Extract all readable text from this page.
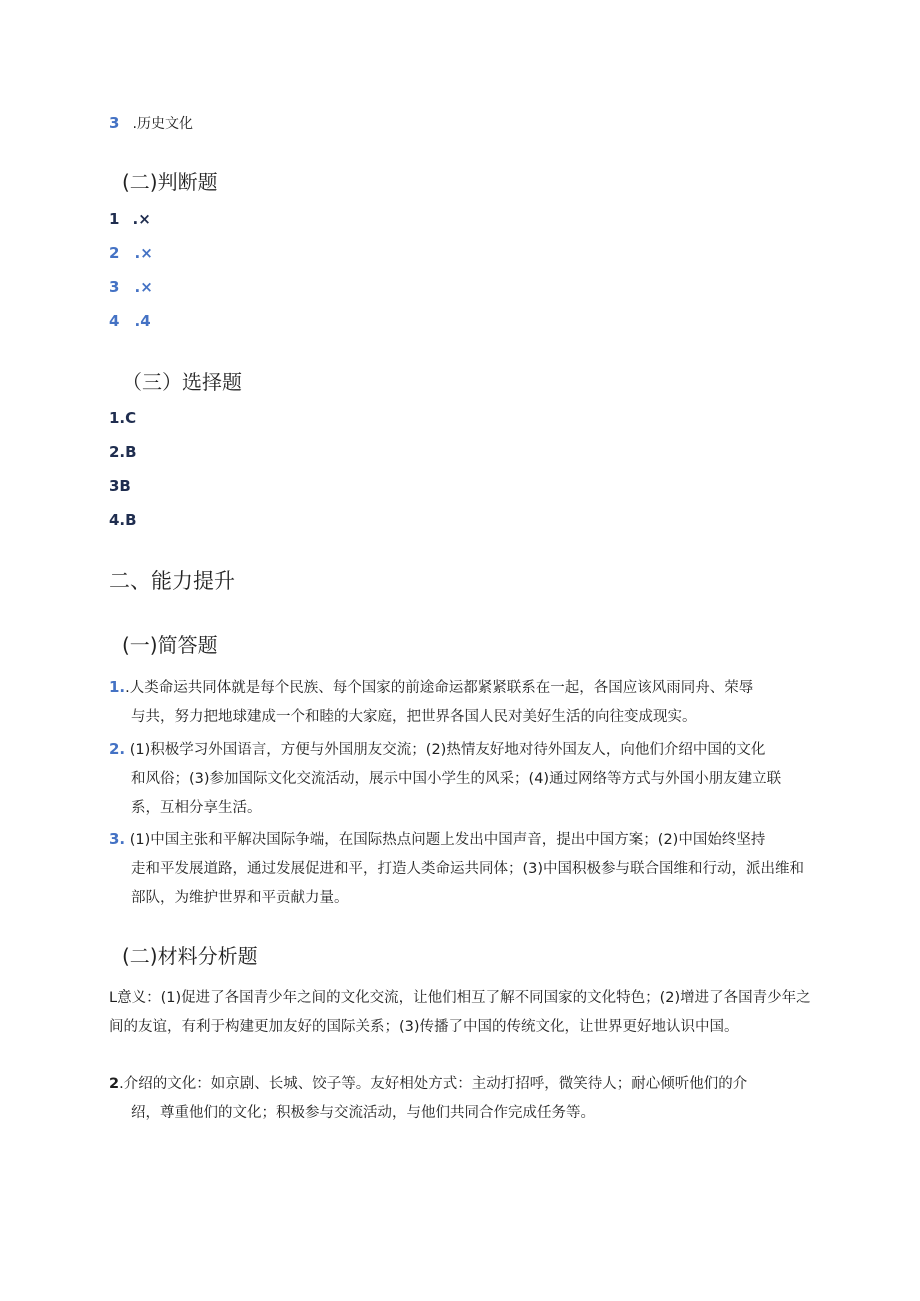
3 .历史文化
(二)判断题
1 .×
2 .×
3 .×
4 .4
（三）选择题
1.C
2.B
3B
4.B
二、能力提升
(一)简答题
1..人类命运共同体就是每个民族、每个国家的前途命运都紧紧联系在一起，各国应该风雨同舟、荣辱
与共，努力把地球建成一个和睦的大家庭，把世界各国人民对美好生活的向往变成现实。
2. (1)积极学习外国语言，方便与外国朋友交流；(2)热情友好地对待外国友人，向他们介绍中国的文化
和风俗；(3)参加国际文化交流活动，展示中国小学生的风采；(4)通过网络等方式与外国小朋友建立联系，互相分享生活。
3. (1)中国主张和平解决国际争端，在国际热点问题上发出中国声音，提出中国方案；(2)中国始终坚持
走和平发展道路，通过发展促进和平，打造人类命运共同体；(3)中国积极参与联合国维和行动，派出维和部队，为维护世界和平贡献力量。
(二)材料分析题
L意义：(1)促进了各国青少年之间的文化交流，让他们相互了解不同国家的文化特色；(2)增进了各国青少年之间的友谊，有利于构建更加友好的国际关系；(3)传播了中国的传统文化，让世界更好地认识中国。
2.介绍的文化：如京剧、长城、饺子等。友好相处方式：主动打招呼，微笑待人；耐心倾听他们的介
绍，尊重他们的文化；积极参与交流活动，与他们共同合作完成任务等。
